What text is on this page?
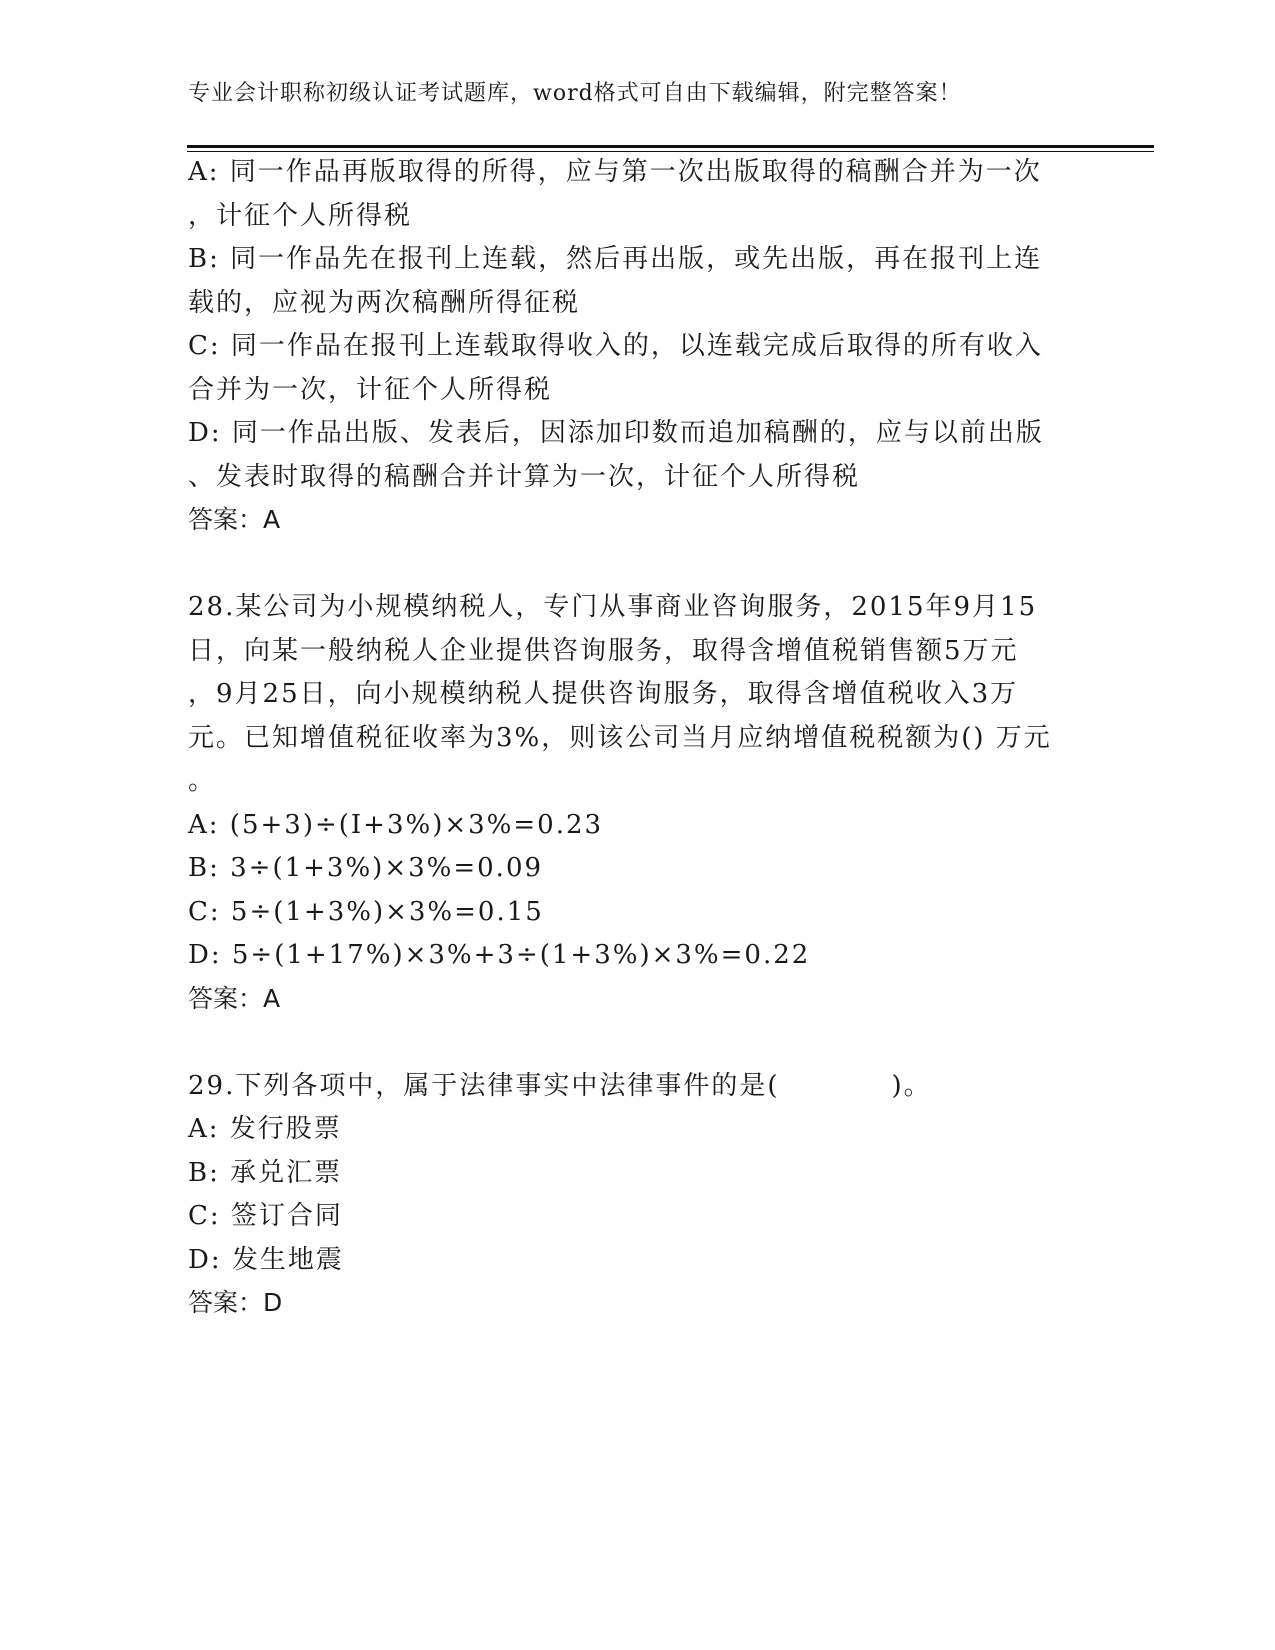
专业会计职称初级认证考试题库，word格式可自由下载编辑，附完整答案！
A: 同一作品再版取得的所得，应与第一次出版取得的稿酬合并为一次
，计征个人所得税
B: 同一作品先在报刊上连载，然后再出版，或先出版，再在报刊上连
载的，应视为两次稿酬所得征税
C: 同一作品在报刊上连载取得收入的，以连载完成后取得的所有收入
合并为一次，计征个人所得税
D: 同一作品出版、发表后，因添加印数而追加稿酬的，应与以前出版
、发表时取得的稿酬合并计算为一次，计征个人所得税
答案：A
28.某公司为小规模纳税人，专门从事商业咨询服务，2015年9月15
日，向某一般纳税人企业提供咨询服务，取得含增值税销售额5万元
，9月25日，向小规模纳税人提供咨询服务，取得含增值税收入3万
元。已知增值税征收率为3%，则该公司当月应纳增值税税额为() 万元
。
A: (5+3)÷(I+3%)×3%=0.23
B: 3÷(1+3%)×3%=0.09
C: 5÷(1+3%)×3%=0.15
D: 5÷(1+17%)×3%+3÷(1+3%)×3%=0.22
答案：A
29.下列各项中，属于法律事实中法律事件的是(　　　　)。
A: 发行股票
B: 承兑汇票
C: 签订合同
D: 发生地震
答案：D
